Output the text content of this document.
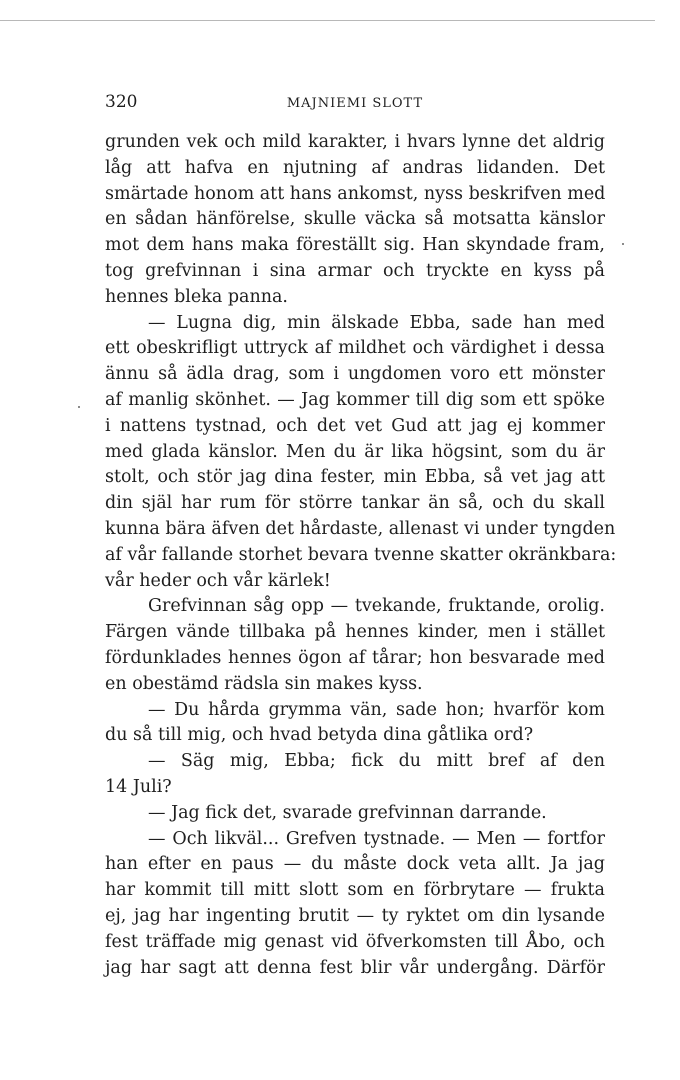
320	MAJNIEMI SLOTT
grunden vek och mild karakter, i hvars lynne det aldrig
låg att hafva en njutning af andras lidanden. Det
smärtade honom att hans ankomst, nyss beskrifven med
en sådan hänförelse, skulle väcka så motsatta känslor
mot dem hans maka föreställt sig. Han skyndade fram,
tog grefvinnan i sina armar och tryckte en kyss på
hennes bleka panna.
— Lugna dig, min älskade Ebba, sade han med
ett obeskrifligt uttryck af mildhet och värdighet i dessa
ännu så ädla drag, som i ungdomen voro ett mönster
af manlig skönhet. — Jag kommer till dig som ett spöke
i nattens tystnad, och det vet Gud att jag ej kommer
med glada känslor. Men du är lika högsint, som du är
stolt, och stör jag dina fester, min Ebba, så vet jag att
din själ har rum för större tankar än så, och du skall
kunna bära äfven det hårdaste, allenast vi under tyngden
af vår fallande storhet bevara tvenne skatter okränkbara:
vår heder och vår kärlek!
Grefvinnan såg opp — tvekande, fruktande, orolig.
Färgen vände tillbaka på hennes kinder, men i stället
fördunklades hennes ögon af tårar; hon besvarade med
en obestämd rädsla sin makes kyss.
— Du hårda grymma vän, sade hon; hvarför kom
du så till mig, och hvad betyda dina gåtlika ord?
— Säg mig, Ebba; fick du mitt bref af den
14 Juli?
— Jag fick det, svarade grefvinnan darrande.
— Och likväl... Grefven tystnade. — Men — fortfor
han efter en paus — du måste dock veta allt. Ja jag
har kommit till mitt slott som en förbrytare — frukta
ej, jag har ingenting brutit — ty ryktet om din lysande
fest träffade mig genast vid öfverkomsten till Åbo, och
jag har sagt att denna fest blir vår undergång. Därför
